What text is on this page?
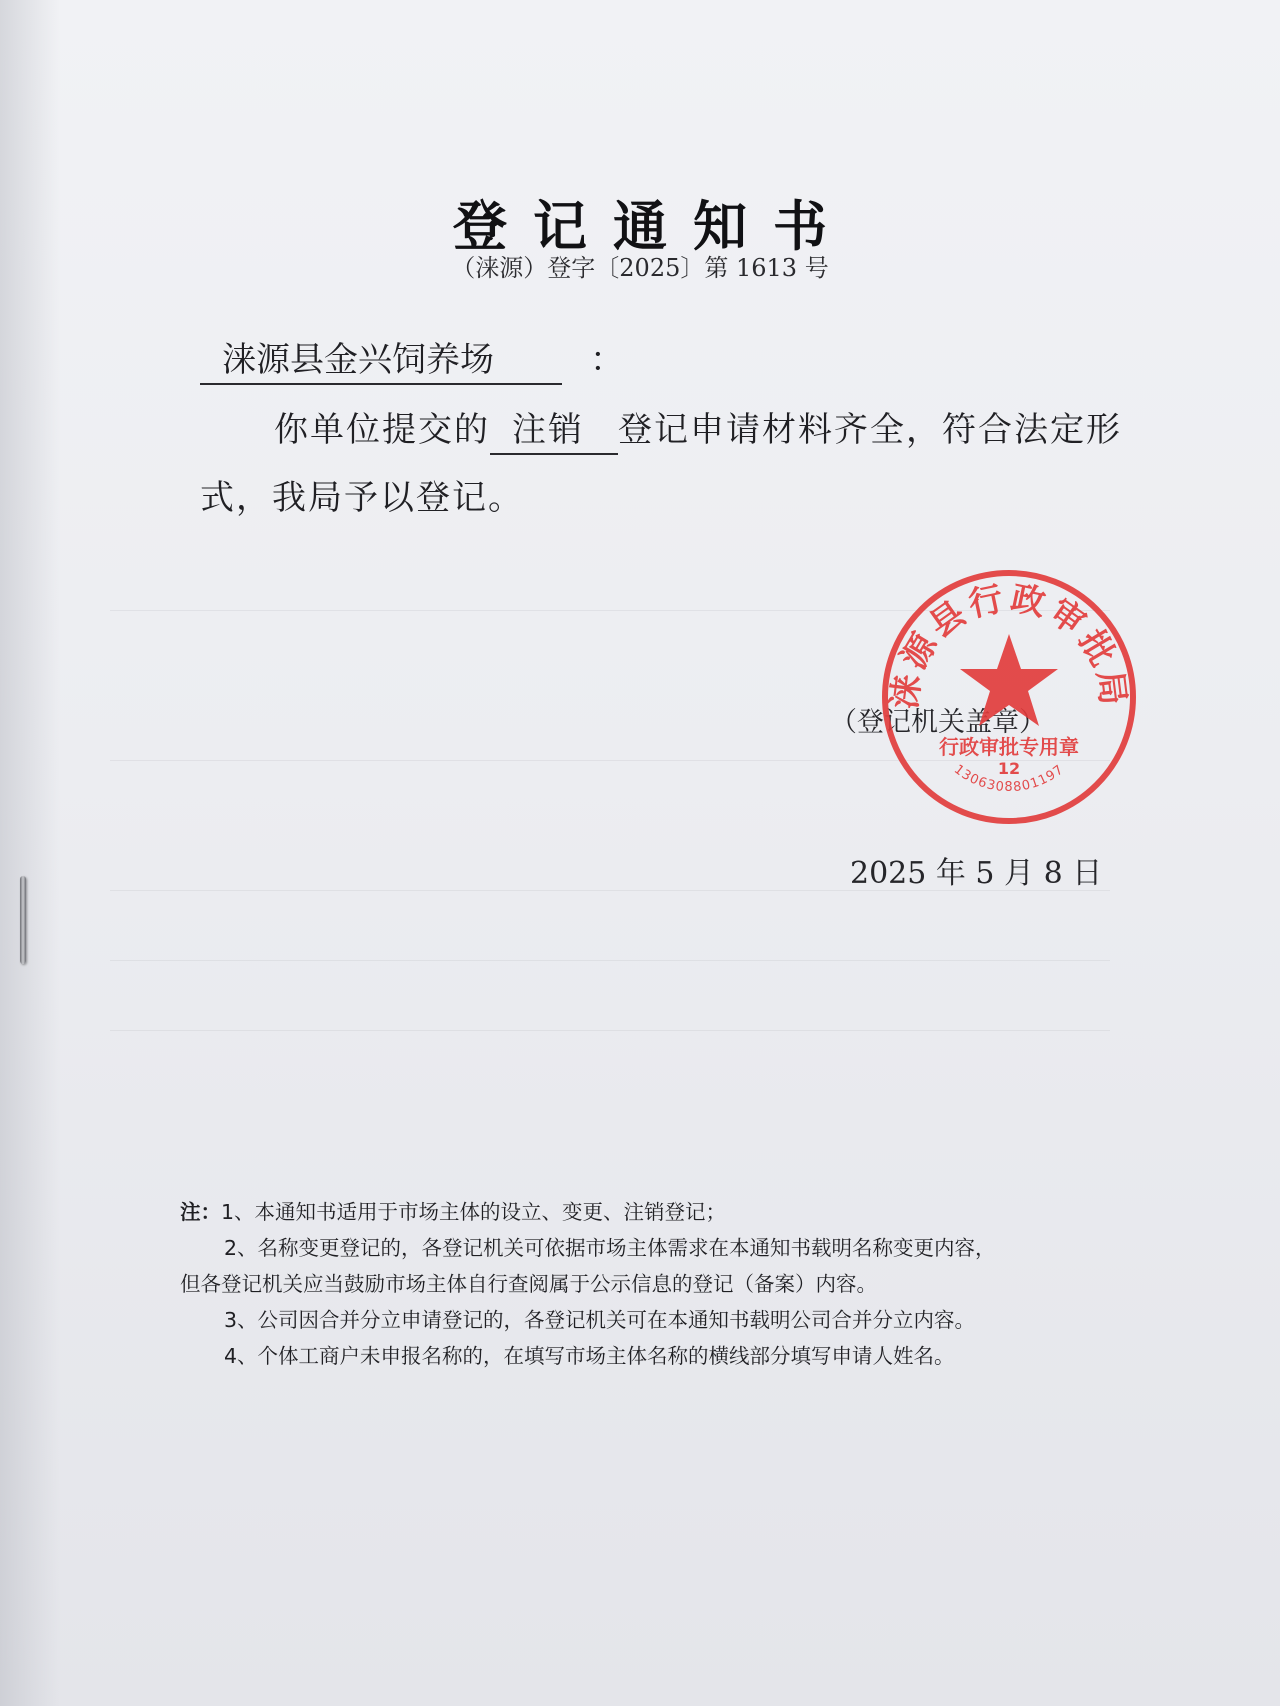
登记通知书
（涞源）登字〔2025〕第 1613 号
涞源县金兴饲养场	：
你单位提交的 注销 登记申请材料齐全，符合法定形
式，我局予以登记。
（登记机关盖章）
涞源县行政审批局
行政审批专用章
12
1306308801197
2025 年 5 月 8 日
注：1、本通知书适用于市场主体的设立、变更、注销登记；
2、名称变更登记的，各登记机关可依据市场主体需求在本通知书载明名称变更内容，
但各登记机关应当鼓励市场主体自行查阅属于公示信息的登记（备案）内容。
3、公司因合并分立申请登记的，各登记机关可在本通知书载明公司合并分立内容。
4、个体工商户未申报名称的，在填写市场主体名称的横线部分填写申请人姓名。
